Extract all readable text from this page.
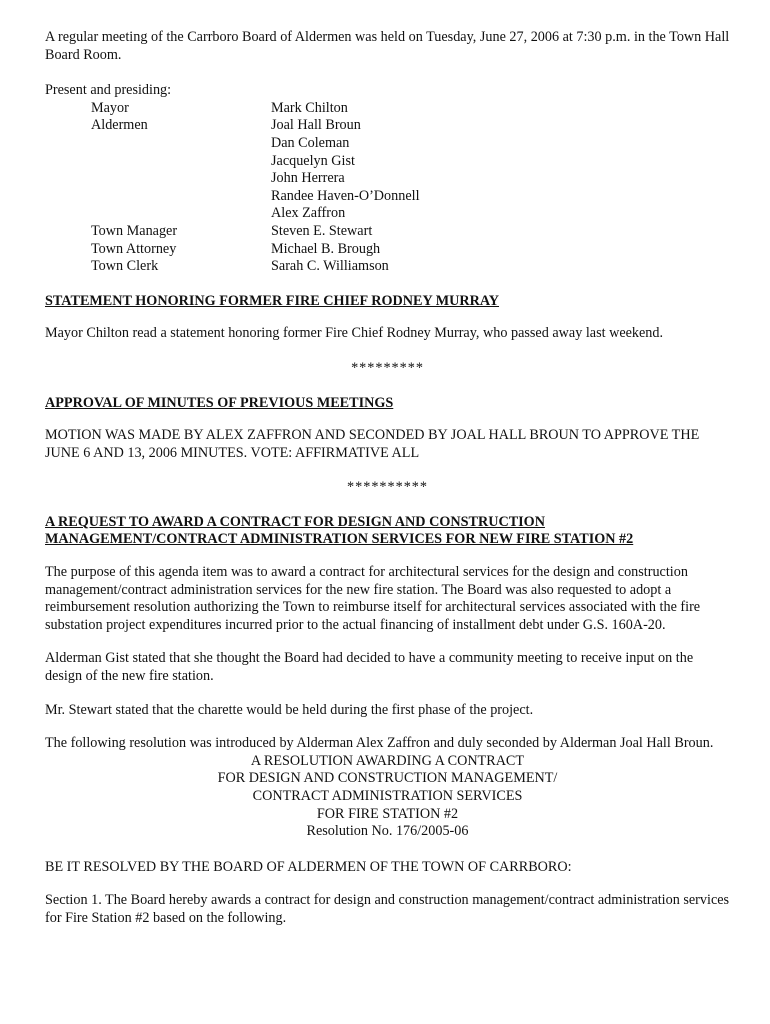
A regular meeting of the Carrboro Board of Aldermen was held on Tuesday, June 27, 2006 at 7:30 p.m. in the Town Hall Board Room.

Present and presiding:

Mayor	Mark Chilton
Aldermen	Joal Hall Broun
Dan Coleman
Jacquelyn Gist
John Herrera
Randee Haven-O’Donnell
Alex Zaffron
Town Manager	Steven E. Stewart
Town Attorney	Michael B. Brough
Town Clerk	Sarah C. Williamson

STATEMENT HONORING FORMER FIRE CHIEF RODNEY MURRAY

Mayor Chilton read a statement honoring former Fire Chief Rodney Murray, who passed away last weekend.

*********

APPROVAL OF MINUTES OF PREVIOUS MEETINGS

MOTION WAS MADE BY ALEX ZAFFRON AND SECONDED BY JOAL HALL BROUN TO APPROVE THE JUNE 6 AND 13, 2006 MINUTES. VOTE: AFFIRMATIVE ALL

**********

A REQUEST TO AWARD A CONTRACT FOR DESIGN AND CONSTRUCTION MANAGEMENT/CONTRACT ADMINISTRATION SERVICES FOR NEW FIRE STATION #2

The purpose of this agenda item was to award a contract for architectural services for the design and construction management/contract administration services for the new fire station. The Board was also requested to adopt a reimbursement resolution authorizing the Town to reimburse itself for architectural services associated with the fire substation project expenditures incurred prior to the actual financing of installment debt under G.S. 160A-20.

Alderman Gist stated that she thought the Board had decided to have a community meeting to receive input on the design of the new fire station.

Mr. Stewart stated that the charette would be held during the first phase of the project.

The following resolution was introduced by Alderman Alex Zaffron and duly seconded by Alderman Joal Hall Broun.

A RESOLUTION AWARDING A CONTRACT
FOR DESIGN AND CONSTRUCTION MANAGEMENT/
CONTRACT ADMINISTRATION SERVICES
FOR FIRE STATION #2
Resolution No. 176/2005-06

BE IT RESOLVED BY THE BOARD OF ALDERMEN OF THE TOWN OF CARRBORO:

Section 1. The Board hereby awards a contract for design and construction management/contract administration services for Fire Station #2 based on the following.
